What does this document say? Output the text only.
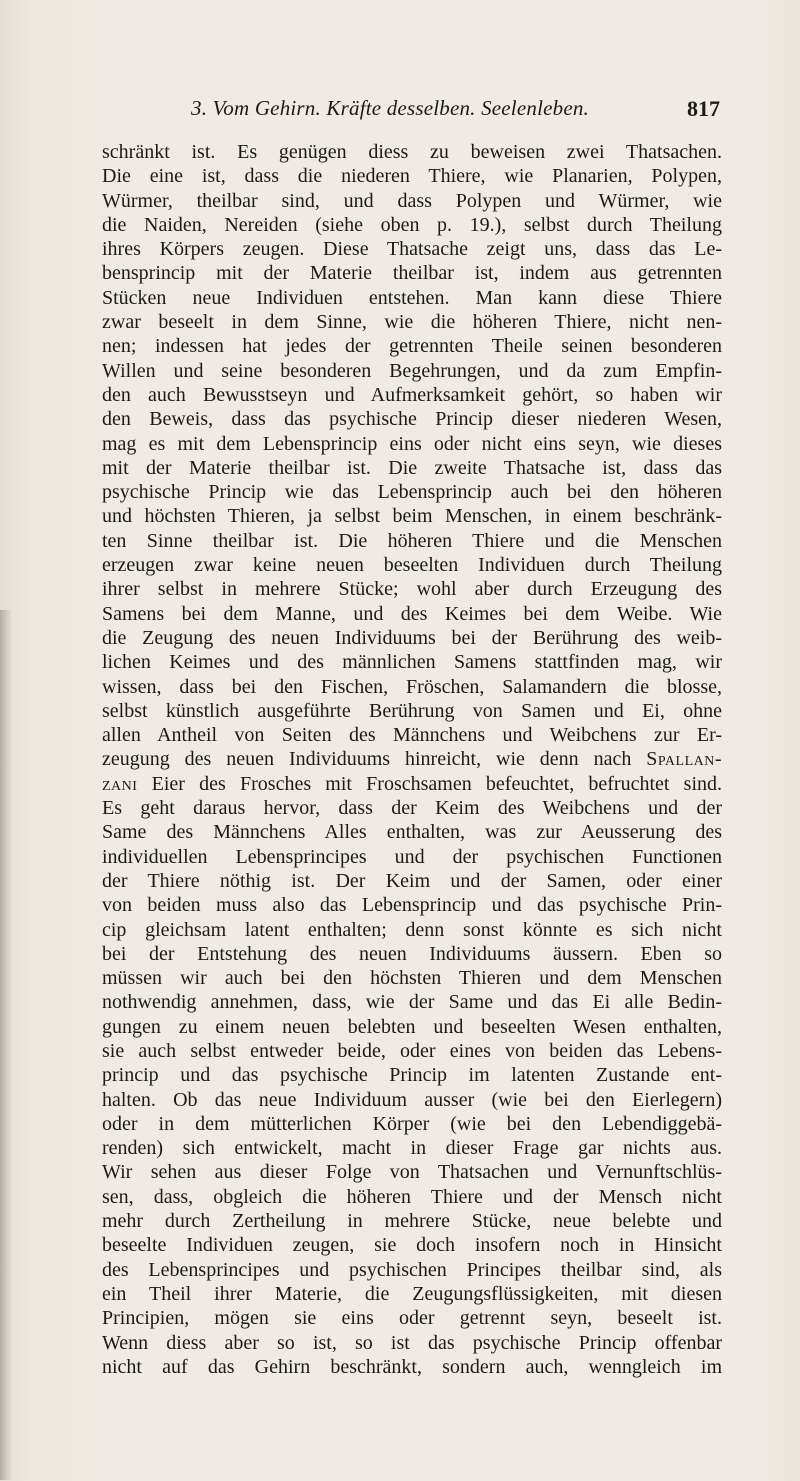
3. Vom Gehirn. Kräfte desselben. Seelenleben.	817
schränkt ist. Es genügen diess zu beweisen zwei Thatsachen.
Die eine ist, dass die niederen Thiere, wie Planarien, Polypen,
Würmer, theilbar sind, und dass Polypen und Würmer, wie
die Naiden, Nereiden (siehe oben p. 19.), selbst durch Theilung
ihres Körpers zeugen. Diese Thatsache zeigt uns, dass das Le-
bensprincip mit der Materie theilbar ist, indem aus getrennten
Stücken neue Individuen entstehen. Man kann diese Thiere
zwar beseelt in dem Sinne, wie die höheren Thiere, nicht nen-
nen; indessen hat jedes der getrennten Theile seinen besonderen
Willen und seine besonderen Begehrungen, und da zum Empfin-
den auch Bewusstseyn und Aufmerksamkeit gehört, so haben wir
den Beweis, dass das psychische Princip dieser niederen Wesen,
mag es mit dem Lebensprincip eins oder nicht eins seyn, wie dieses
mit der Materie theilbar ist. Die zweite Thatsache ist, dass das
psychische Princip wie das Lebensprincip auch bei den höheren
und höchsten Thieren, ja selbst beim Menschen, in einem beschränk-
ten Sinne theilbar ist. Die höheren Thiere und die Menschen
erzeugen zwar keine neuen beseelten Individuen durch Theilung
ihrer selbst in mehrere Stücke; wohl aber durch Erzeugung des
Samens bei dem Manne, und des Keimes bei dem Weibe. Wie
die Zeugung des neuen Individuums bei der Berührung des weib-
lichen Keimes und des männlichen Samens stattfinden mag, wir
wissen, dass bei den Fischen, Fröschen, Salamandern die blosse,
selbst künstlich ausgeführte Berührung von Samen und Ei, ohne
allen Antheil von Seiten des Männchens und Weibchens zur Er-
zeugung des neuen Individuums hinreicht, wie denn nach Spallan-
zani Eier des Frosches mit Froschsamen befeuchtet, befruchtet sind.
Es geht daraus hervor, dass der Keim des Weibchens und der
Same des Männchens Alles enthalten, was zur Aeusserung des
individuellen Lebensprincipes und der psychischen Functionen
der Thiere nöthig ist. Der Keim und der Samen, oder einer
von beiden muss also das Lebensprincip und das psychische Prin-
cip gleichsam latent enthalten; denn sonst könnte es sich nicht
bei der Entstehung des neuen Individuums äussern. Eben so
müssen wir auch bei den höchsten Thieren und dem Menschen
nothwendig annehmen, dass, wie der Same und das Ei alle Bedin-
gungen zu einem neuen belebten und beseelten Wesen enthalten,
sie auch selbst entweder beide, oder eines von beiden das Lebens-
princip und das psychische Princip im latenten Zustande ent-
halten. Ob das neue Individuum ausser (wie bei den Eierlegern)
oder in dem mütterlichen Körper (wie bei den Lebendiggebä-
renden) sich entwickelt, macht in dieser Frage gar nichts aus.
Wir sehen aus dieser Folge von Thatsachen und Vernunftschlüs-
sen, dass, obgleich die höheren Thiere und der Mensch nicht
mehr durch Zertheilung in mehrere Stücke, neue belebte und
beseelte Individuen zeugen, sie doch insofern noch in Hinsicht
des Lebensprincipes und psychischen Principes theilbar sind, als
ein Theil ihrer Materie, die Zeugungsflüssigkeiten, mit diesen
Principien, mögen sie eins oder getrennt seyn, beseelt ist.
Wenn diess aber so ist, so ist das psychische Princip offenbar
nicht auf das Gehirn beschränkt, sondern auch, wenngleich im
